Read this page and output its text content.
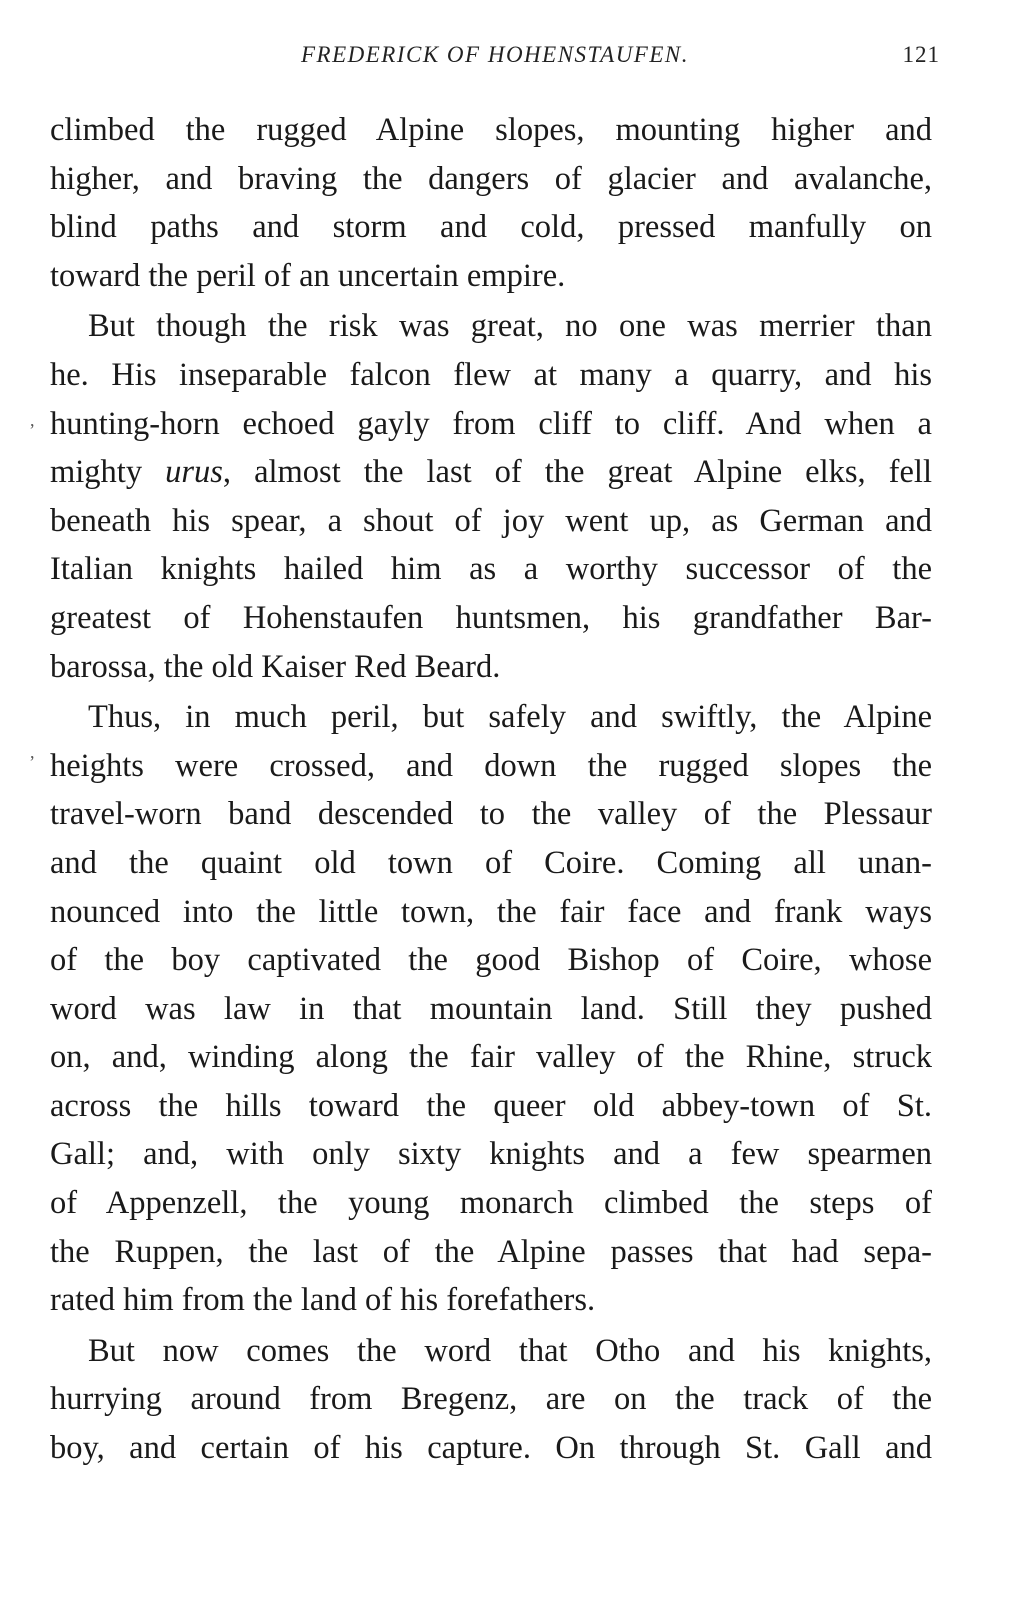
FREDERICK OF HOHENSTAUFEN.	121
,
,
climbed the rugged Alpine slopes, mounting higher and
higher, and braving the dangers of glacier and avalanche,
blind paths and storm and cold, pressed manfully on
toward the peril of an uncertain empire.
But though the risk was great, no one was merrier than
he. His inseparable falcon flew at many a quarry, and his
hunting-horn echoed gayly from cliff to cliff. And when a
mighty urus, almost the last of the great Alpine elks, fell
beneath his spear, a shout of joy went up, as German and
Italian knights hailed him as a worthy successor of the
greatest of Hohenstaufen huntsmen, his grandfather Bar-
barossa, the old Kaiser Red Beard.
Thus, in much peril, but safely and swiftly, the Alpine
heights were crossed, and down the rugged slopes the
travel-worn band descended to the valley of the Plessaur
and the quaint old town of Coire. Coming all unan-
nounced into the little town, the fair face and frank ways
of the boy captivated the good Bishop of Coire, whose
word was law in that mountain land. Still they pushed
on, and, winding along the fair valley of the Rhine, struck
across the hills toward the queer old abbey-town of St.
Gall; and, with only sixty knights and a few spearmen
of Appenzell, the young monarch climbed the steps of
the Ruppen, the last of the Alpine passes that had sepa-
rated him from the land of his forefathers.
But now comes the word that Otho and his knights,
hurrying around from Bregenz, are on the track of the
boy, and certain of his capture. On through St. Gall and
